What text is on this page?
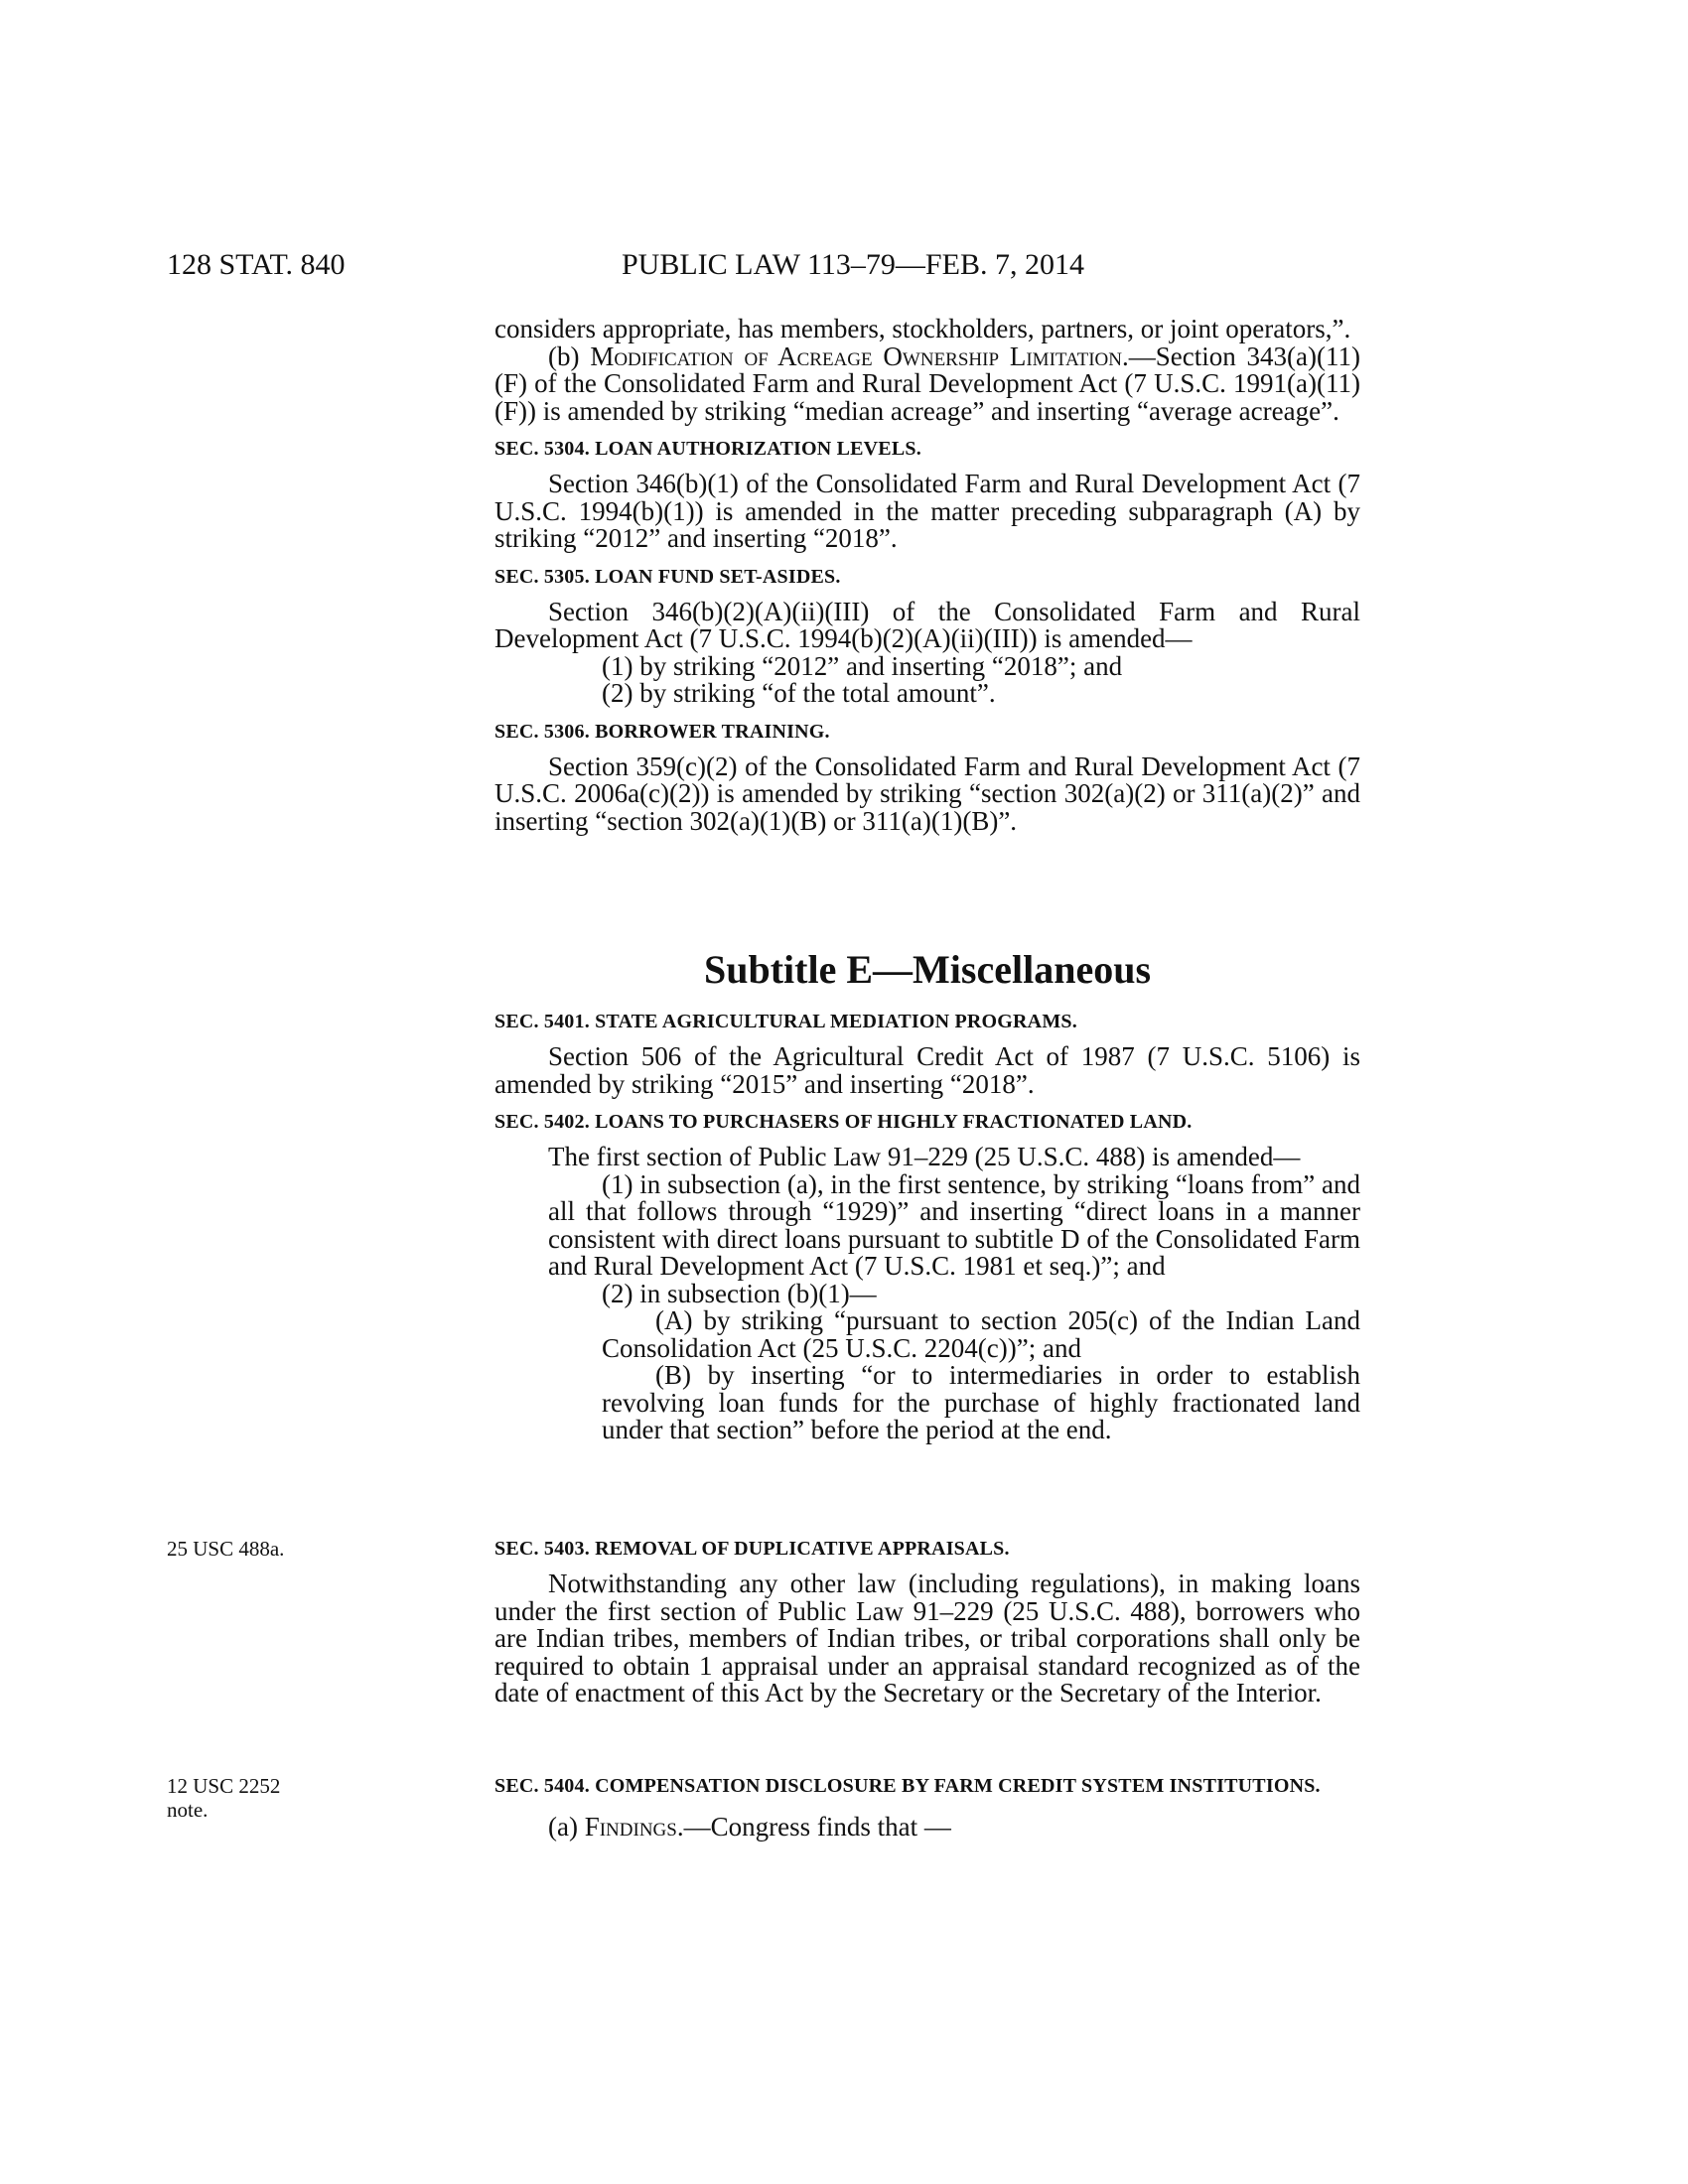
128 STAT. 840	PUBLIC LAW 113–79—FEB. 7, 2014

considers appropriate, has members, stockholders, partners, or joint operators,”.

(b) Modification of Acreage Ownership Limitation.—Section 343(a)(11)(F) of the Consolidated Farm and Rural Development Act (7 U.S.C. 1991(a)(11)(F)) is amended by striking “median acreage” and inserting “average acreage”.

SEC. 5304. LOAN AUTHORIZATION LEVELS.

Section 346(b)(1) of the Consolidated Farm and Rural Development Act (7 U.S.C. 1994(b)(1)) is amended in the matter preceding subparagraph (A) by striking “2012” and inserting “2018”.

SEC. 5305. LOAN FUND SET-ASIDES.

Section 346(b)(2)(A)(ii)(III) of the Consolidated Farm and Rural Development Act (7 U.S.C. 1994(b)(2)(A)(ii)(III)) is amended—

(1) by striking “2012” and inserting “2018”; and

(2) by striking “of the total amount”.

SEC. 5306. BORROWER TRAINING.

Section 359(c)(2) of the Consolidated Farm and Rural Development Act (7 U.S.C. 2006a(c)(2)) is amended by striking “section 302(a)(2) or 311(a)(2)” and inserting “section 302(a)(1)(B) or 311(a)(1)(B)”.

Subtitle E—Miscellaneous

SEC. 5401. STATE AGRICULTURAL MEDIATION PROGRAMS.

Section 506 of the Agricultural Credit Act of 1987 (7 U.S.C. 5106) is amended by striking “2015” and inserting “2018”.

SEC. 5402. LOANS TO PURCHASERS OF HIGHLY FRACTIONATED LAND.

The first section of Public Law 91–229 (25 U.S.C. 488) is amended—

(1) in subsection (a), in the first sentence, by striking “loans from” and all that follows through “1929)” and inserting “direct loans in a manner consistent with direct loans pursuant to subtitle D of the Consolidated Farm and Rural Development Act (7 U.S.C. 1981 et seq.)”; and

(2) in subsection (b)(1)—

(A) by striking “pursuant to section 205(c) of the Indian Land Consolidation Act (25 U.S.C. 2204(c))”; and

(B) by inserting “or to intermediaries in order to establish revolving loan funds for the purchase of highly fractionated land under that section” before the period at the end.

25 USC 488a.
12 USC 2252
note.

SEC. 5403. REMOVAL OF DUPLICATIVE APPRAISALS.

Notwithstanding any other law (including regulations), in making loans under the first section of Public Law 91–229 (25 U.S.C. 488), borrowers who are Indian tribes, members of Indian tribes, or tribal corporations shall only be required to obtain 1 appraisal under an appraisal standard recognized as of the date of enactment of this Act by the Secretary or the Secretary of the Interior.

SEC. 5404. COMPENSATION DISCLOSURE BY FARM CREDIT SYSTEM INSTITUTIONS.

(a) Findings.—Congress finds that —
